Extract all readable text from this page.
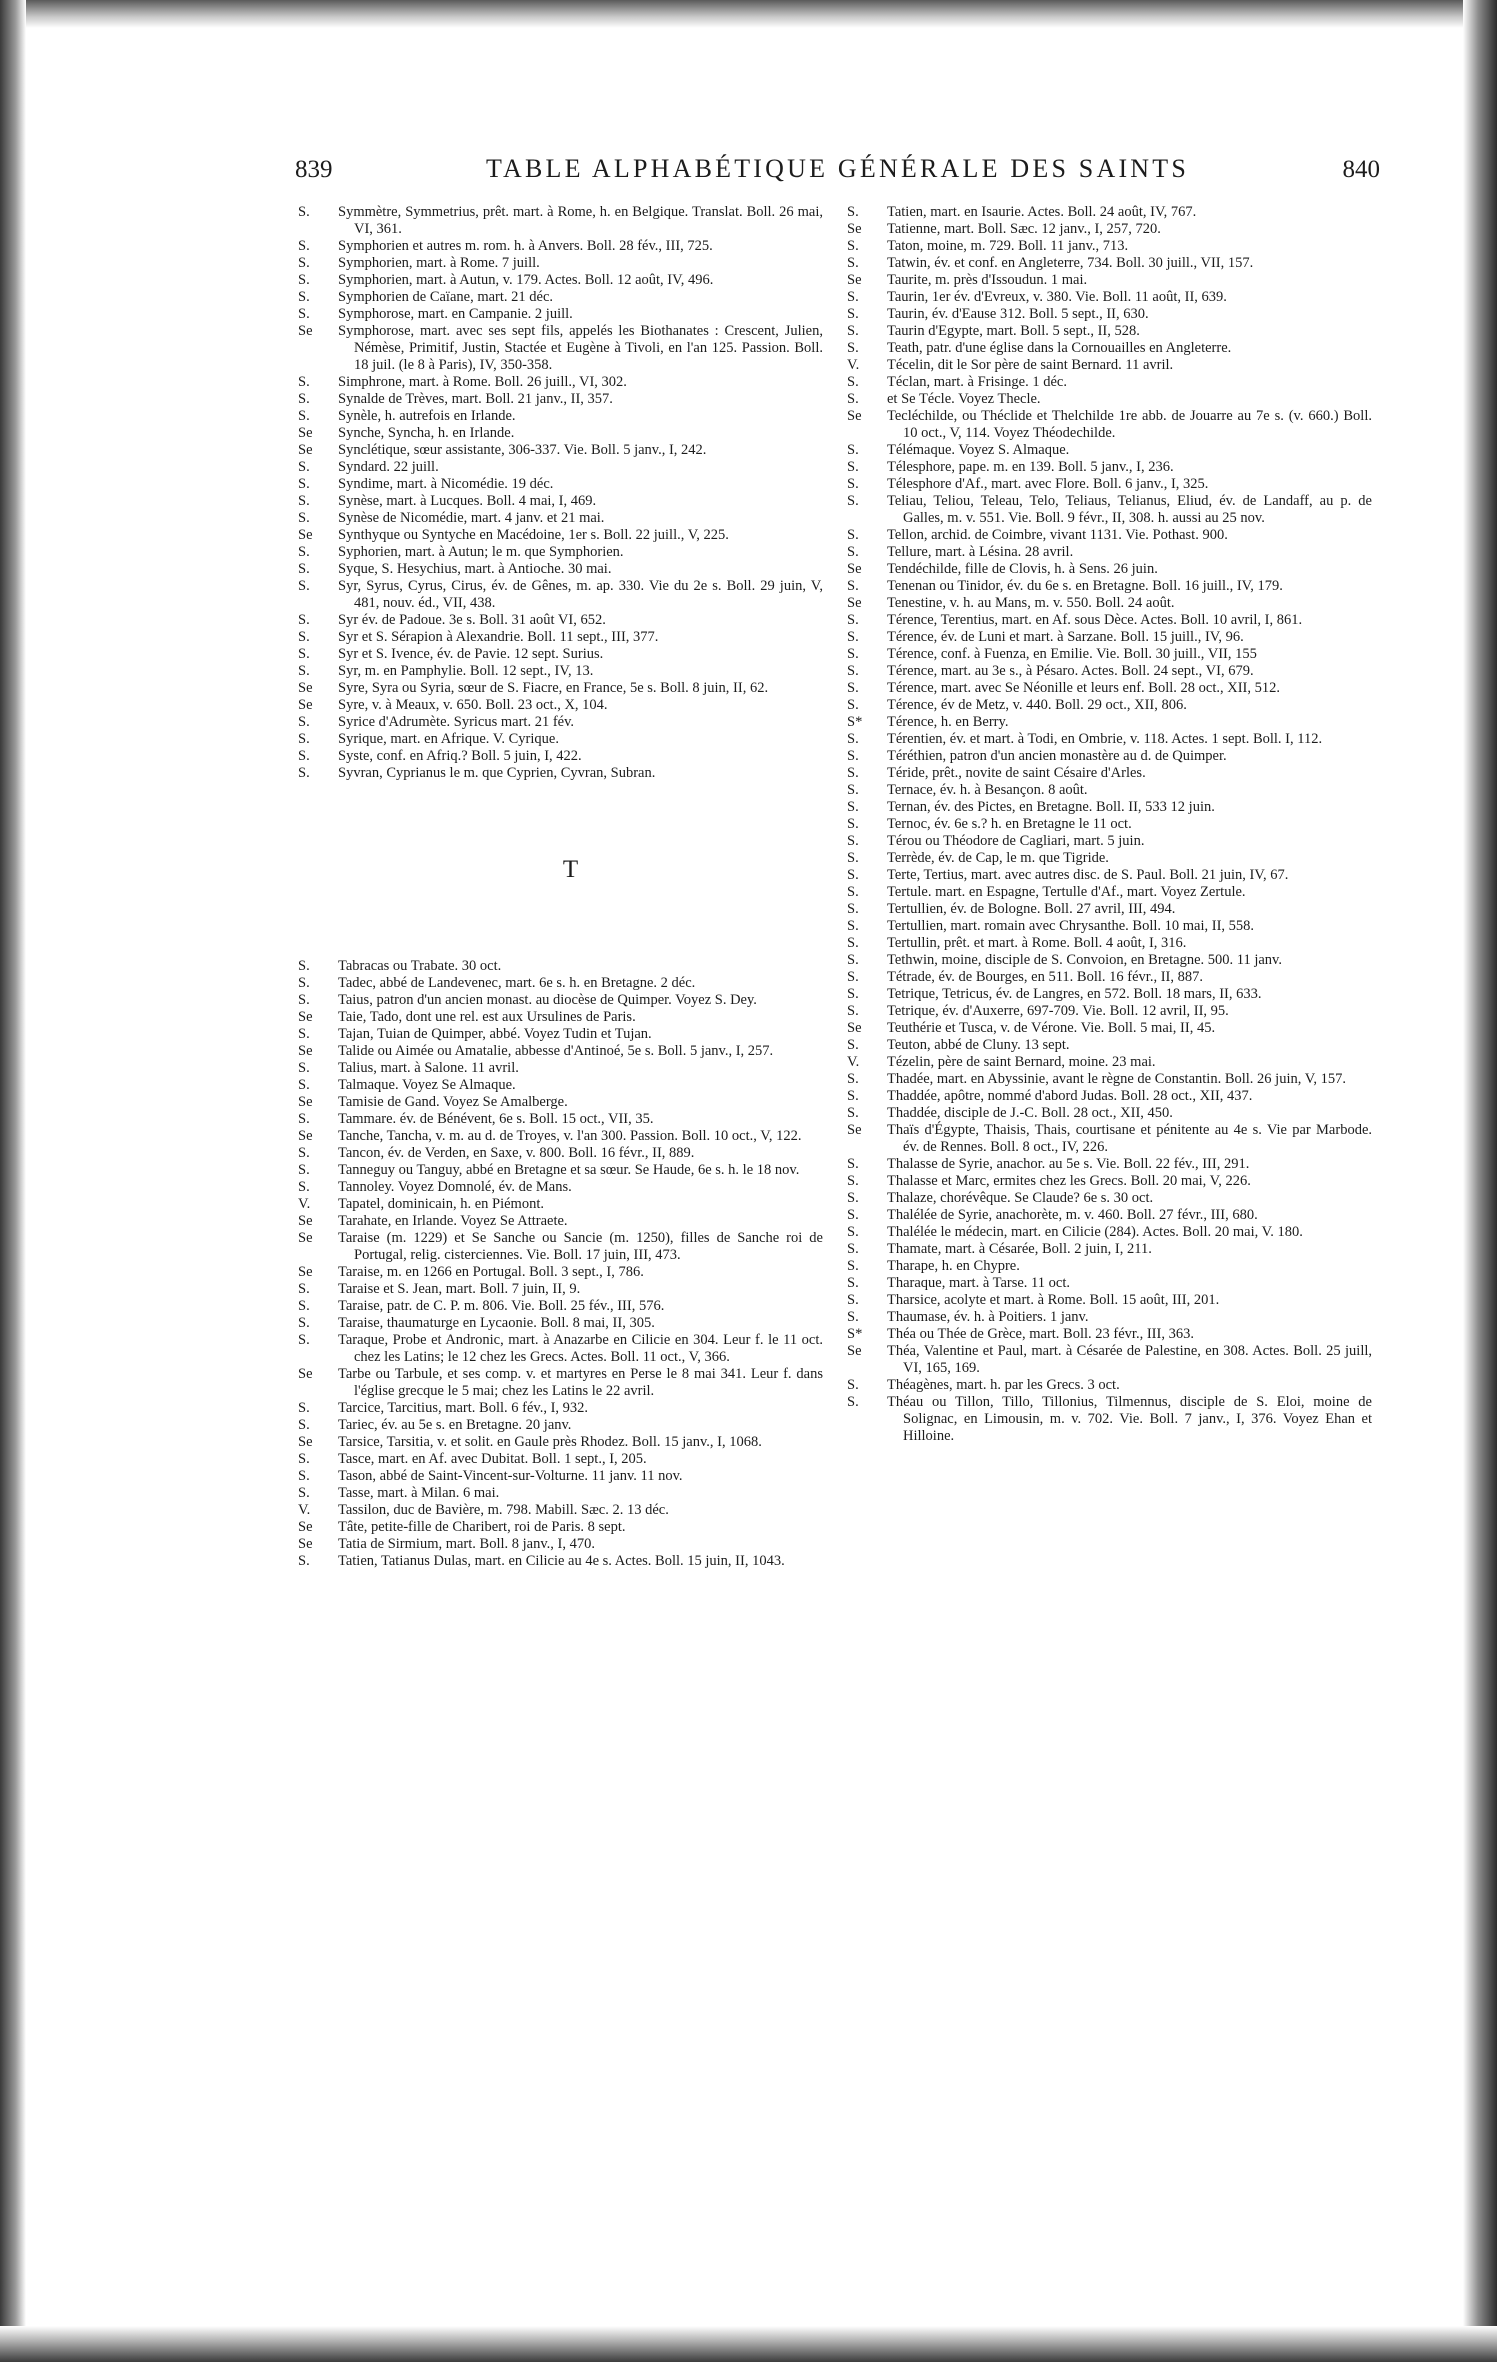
839	TABLE ALPHABÉTIQUE GÉNÉRALE DES SAINTS	840
S.	Symmètre, Symmetrius, prêt. mart. à Rome, h. en Belgique. Translat. Boll. 26 mai, VI, 361.
S.	Symphorien et autres m. rom. h. à Anvers. Boll. 28 fév., III, 725.
S.	Symphorien, mart. à Rome. 7 juill.
S.	Symphorien, mart. à Autun, v. 179. Actes. Boll. 12 août, IV, 496.
S.	Symphorien de Caïane, mart. 21 déc.
S.	Symphorose, mart. en Campanie. 2 juill.
Se	Symphorose, mart. avec ses sept fils, appelés les Biothanates : Crescent, Julien, Némèse, Primitif, Justin, Stactée et Eugène à Tivoli, en l'an 125. Passion. Boll. 18 juil. (le 8 à Paris), IV, 350-358.
S.	Simphrone, mart. à Rome. Boll. 26 juill., VI, 302.
S.	Synalde de Trèves, mart. Boll. 21 janv., II, 357.
S.	Synèle, h. autrefois en Irlande.
Se	Synche, Syncha, h. en Irlande.
Se	Synclétique, sœur assistante, 306-337. Vie. Boll. 5 janv., I, 242.
S.	Syndard. 22 juill.
S.	Syndime, mart. à Nicomédie. 19 déc.
S.	Synèse, mart. à Lucques. Boll. 4 mai, I, 469.
S.	Synèse de Nicomédie, mart. 4 janv. et 21 mai.
Se	Synthyque ou Syntyche en Macédoine, 1er s. Boll. 22 juill., V, 225.
S.	Syphorien, mart. à Autun; le m. que Symphorien.
S.	Syque, S. Hesychius, mart. à Antioche. 30 mai.
S.	Syr, Syrus, Cyrus, Cirus, év. de Gênes, m. ap. 330. Vie du 2e s. Boll. 29 juin, V, 481, nouv. éd., VII, 438.
S.	Syr év. de Padoue. 3e s. Boll. 31 août VI, 652.
S.	Syr et S. Sérapion à Alexandrie. Boll. 11 sept., III, 377.
S.	Syr et S. Ivence, év. de Pavie. 12 sept. Surius.
S.	Syr, m. en Pamphylie. Boll. 12 sept., IV, 13.
Se	Syre, Syra ou Syria, sœur de S. Fiacre, en France, 5e s. Boll. 8 juin, II, 62.
Se	Syre, v. à Meaux, v. 650. Boll. 23 oct., X, 104.
S.	Syrice d'Adrumète. Syricus mart. 21 fév.
S.	Syrique, mart. en Afrique. V. Cyrique.
S.	Syste, conf. en Afriq.? Boll. 5 juin, I, 422.
S.	Syvran, Cyprianus le m. que Cyprien, Cyvran, Subran.
T
S.	Tabracas ou Trabate. 30 oct.
S.	Tadec, abbé de Landevenec, mart. 6e s. h. en Bretagne. 2 déc.
S.	Taius, patron d'un ancien monast. au diocèse de Quimper. Voyez S. Dey.
Se	Taie, Tado, dont une rel. est aux Ursulines de Paris.
S.	Tajan, Tuian de Quimper, abbé. Voyez Tudin et Tujan.
Se	Talide ou Aimée ou Amatalie, abbesse d'Antinoé, 5e s. Boll. 5 janv., I, 257.
S.	Talius, mart. à Salone. 11 avril.
S.	Talmaque. Voyez Se Almaque.
Se	Tamisie de Gand. Voyez Se Amalberge.
S.	Tammare. év. de Bénévent, 6e s. Boll. 15 oct., VII, 35.
Se	Tanche, Tancha, v. m. au d. de Troyes, v. l'an 300. Passion. Boll. 10 oct., V, 122.
S.	Tancon, év. de Verden, en Saxe, v. 800. Boll. 16 févr., II, 889.
S.	Tanneguy ou Tanguy, abbé en Bretagne et sa sœur. Se Haude, 6e s. h. le 18 nov.
S.	Tannoley. Voyez Domnolé, év. de Mans.
V.	Tapatel, dominicain, h. en Piémont.
Se	Tarahate, en Irlande. Voyez Se Attraete.
Se	Taraise (m. 1229) et Se Sanche ou Sancie (m. 1250), filles de Sanche roi de Portugal, relig. cisterciennes. Vie. Boll. 17 juin, III, 473.
Se	Taraise, m. en 1266 en Portugal. Boll. 3 sept., I, 786.
S.	Taraise et S. Jean, mart. Boll. 7 juin, II, 9.
S.	Taraise, patr. de C. P. m. 806. Vie. Boll. 25 fév., III, 576.
S.	Taraise, thaumaturge en Lycaonie. Boll. 8 mai, II, 305.
S.	Taraque, Probe et Andronic, mart. à Anazarbe en Cilicie en 304. Leur f. le 11 oct. chez les Latins; le 12 chez les Grecs. Actes. Boll. 11 oct., V, 366.
Se	Tarbe ou Tarbule, et ses comp. v. et martyres en Perse le 8 mai 341. Leur f. dans l'église grecque le 5 mai; chez les Latins le 22 avril.
S.	Tarcice, Tarcitius, mart. Boll. 6 fév., I, 932.
S.	Tariec, év. au 5e s. en Bretagne. 20 janv.
Se	Tarsice, Tarsitia, v. et solit. en Gaule près Rhodez. Boll. 15 janv., I, 1068.
S.	Tasce, mart. en Af. avec Dubitat. Boll. 1 sept., I, 205.
S.	Tason, abbé de Saint-Vincent-sur-Volturne. 11 janv. 11 nov.
S.	Tasse, mart. à Milan. 6 mai.
V.	Tassilon, duc de Bavière, m. 798. Mabill. Sæc. 2. 13 déc.
Se	Tâte, petite-fille de Charibert, roi de Paris. 8 sept.
Se	Tatia de Sirmium, mart. Boll. 8 janv., I, 470.
S.	Tatien, Tatianus Dulas, mart. en Cilicie au 4e s. Actes. Boll. 15 juin, II, 1043.
S.	Tatien, mart. en Isaurie. Actes. Boll. 24 août, IV, 767.
Se	Tatienne, mart. Boll. Sæc. 12 janv., I, 257, 720.
S.	Taton, moine, m. 729. Boll. 11 janv., 713.
S.	Tatwin, év. et conf. en Angleterre, 734. Boll. 30 juill., VII, 157.
Se	Taurite, m. près d'Issoudun. 1 mai.
S.	Taurin, 1er év. d'Evreux, v. 380. Vie. Boll. 11 août, II, 639.
S.	Taurin, év. d'Eause 312. Boll. 5 sept., II, 630.
S.	Taurin d'Egypte, mart. Boll. 5 sept., II, 528.
S.	Teath, patr. d'une église dans la Cornouailles en Angleterre.
V.	Técelin, dit le Sor père de saint Bernard. 11 avril.
S.	Téclan, mart. à Frisinge. 1 déc.
S.	et Se Técle. Voyez Thecle.
Se	Tecléchilde, ou Théclide et Thelchilde 1re abb. de Jouarre au 7e s. (v. 660.) Boll. 10 oct., V, 114. Voyez Théodechilde.
S.	Télémaque. Voyez S. Almaque.
S.	Télesphore, pape. m. en 139. Boll. 5 janv., I, 236.
S.	Télesphore d'Af., mart. avec Flore. Boll. 6 janv., I, 325.
S.	Teliau, Teliou, Teleau, Telo, Teliaus, Telianus, Eliud, év. de Landaff, au p. de Galles, m. v. 551. Vie. Boll. 9 févr., II, 308. h. aussi au 25 nov.
S.	Tellon, archid. de Coimbre, vivant 1131. Vie. Pothast. 900.
S.	Tellure, mart. à Lésina. 28 avril.
Se	Tendéchilde, fille de Clovis, h. à Sens. 26 juin.
S.	Tenenan ou Tinidor, év. du 6e s. en Bretagne. Boll. 16 juill., IV, 179.
Se	Tenestine, v. h. au Mans, m. v. 550. Boll. 24 août.
S.	Térence, Terentius, mart. en Af. sous Dèce. Actes. Boll. 10 avril, I, 861.
S.	Térence, év. de Luni et mart. à Sarzane. Boll. 15 juill., IV, 96.
S.	Térence, conf. à Fuenza, en Emilie. Vie. Boll. 30 juill., VII, 155
S.	Térence, mart. au 3e s., à Pésaro. Actes. Boll. 24 sept., VI, 679.
S.	Térence, mart. avec Se Néonille et leurs enf. Boll. 28 oct., XII, 512.
S.	Térence, év de Metz, v. 440. Boll. 29 oct., XII, 806.
S*	Térence, h. en Berry.
S.	Térentien, év. et mart. à Todi, en Ombrie, v. 118. Actes. 1 sept. Boll. I, 112.
S.	Téréthien, patron d'un ancien monastère au d. de Quimper.
S.	Téride, prêt., novite de saint Césaire d'Arles.
S.	Ternace, év. h. à Besançon. 8 août.
S.	Ternan, év. des Pictes, en Bretagne. Boll. II, 533 12 juin.
S.	Ternoc, év. 6e s.? h. en Bretagne le 11 oct.
S.	Térou ou Théodore de Cagliari, mart. 5 juin.
S.	Terrède, év. de Cap, le m. que Tigride.
S.	Terte, Tertius, mart. avec autres disc. de S. Paul. Boll. 21 juin, IV, 67.
S.	Tertule. mart. en Espagne, Tertulle d'Af., mart. Voyez Zertule.
S.	Tertullien, év. de Bologne. Boll. 27 avril, III, 494.
S.	Tertullien, mart. romain avec Chrysanthe. Boll. 10 mai, II, 558.
S.	Tertullin, prêt. et mart. à Rome. Boll. 4 août, I, 316.
S.	Tethwin, moine, disciple de S. Convoion, en Bretagne. 500. 11 janv.
S.	Tétrade, év. de Bourges, en 511. Boll. 16 févr., II, 887.
S.	Tetrique, Tetricus, év. de Langres, en 572. Boll. 18 mars, II, 633.
S.	Tetrique, év. d'Auxerre, 697-709. Vie. Boll. 12 avril, II, 95.
Se	Teuthérie et Tusca, v. de Vérone. Vie. Boll. 5 mai, II, 45.
S.	Teuton, abbé de Cluny. 13 sept.
V.	Tézelin, père de saint Bernard, moine. 23 mai.
S.	Thadée, mart. en Abyssinie, avant le règne de Constantin. Boll. 26 juin, V, 157.
S.	Thaddée, apôtre, nommé d'abord Judas. Boll. 28 oct., XII, 437.
S.	Thaddée, disciple de J.-C. Boll. 28 oct., XII, 450.
Se	Thaïs d'Égypte, Thaisis, Thais, courtisane et pénitente au 4e s. Vie par Marbode. év. de Rennes. Boll. 8 oct., IV, 226.
S.	Thalasse de Syrie, anachor. au 5e s. Vie. Boll. 22 fév., III, 291.
S.	Thalasse et Marc, ermites chez les Grecs. Boll. 20 mai, V, 226.
S.	Thalaze, chorévêque. Se Claude? 6e s. 30 oct.
S.	Thalélée de Syrie, anachorète, m. v. 460. Boll. 27 févr., III, 680.
S.	Thalélée le médecin, mart. en Cilicie (284). Actes. Boll. 20 mai, V. 180.
S.	Thamate, mart. à Césarée, Boll. 2 juin, I, 211.
S.	Tharape, h. en Chypre.
S.	Tharaque, mart. à Tarse. 11 oct.
S.	Tharsice, acolyte et mart. à Rome. Boll. 15 août, III, 201.
S.	Thaumase, év. h. à Poitiers. 1 janv.
S*	Théa ou Thée de Grèce, mart. Boll. 23 févr., III, 363.
Se	Théa, Valentine et Paul, mart. à Césarée de Palestine, en 308. Actes. Boll. 25 juill, VI, 165, 169.
S.	Théagènes, mart. h. par les Grecs. 3 oct.
S.	Théau ou Tillon, Tillo, Tillonius, Tilmennus, disciple de S. Eloi, moine de Solignac, en Limousin, m. v. 702. Vie. Boll. 7 janv., I, 376. Voyez Ehan et Hilloine.
